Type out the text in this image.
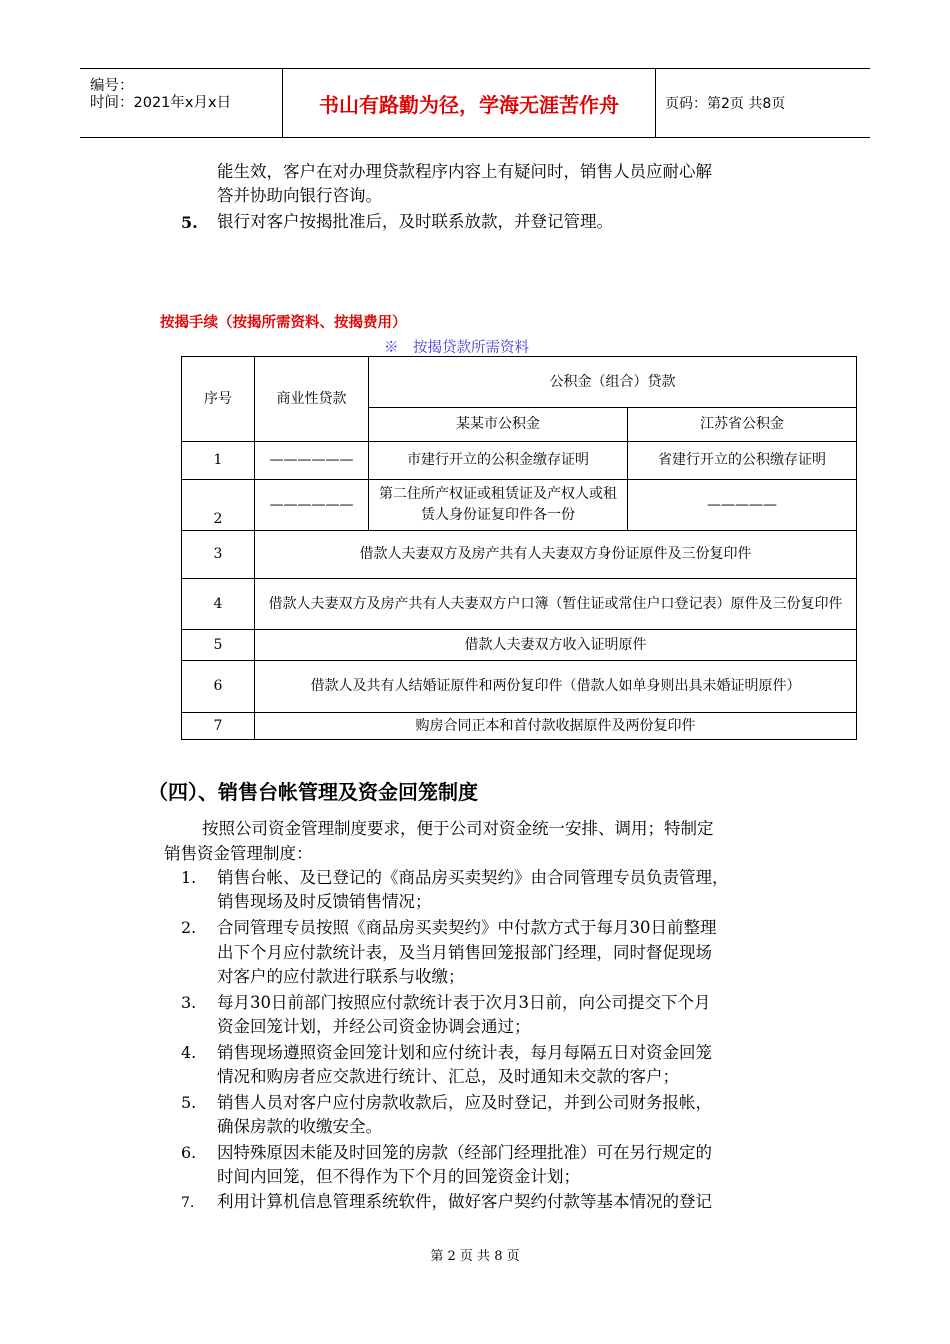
编号：
时间：2021年x月x日	书山有路勤为径，学海无涯苦作舟	页码：第2页 共8页
能生效，客户在对办理贷款程序内容上有疑问时，销售人员应耐心解
答并协助向银行咨询。
5. 银行对客户按揭批准后，及时联系放款，并登记管理。
按揭手续（按揭所需资料、按揭费用）
※　按揭贷款所需资料
序号	商业性贷款	公积金（组合）贷款	
		某某市公积金	江苏省公积金
1	——————	市建行开立的公积金缴存证明	省建行开立的公积缴存证明
2	——————	第二住所产权证或租赁证及产权人或租赁人身份证复印件各一份	—————
3	借款人夫妻双方及房产共有人夫妻双方身份证原件及三份复印件		
4	借款人夫妻双方及房产共有人夫妻双方户口簿（暂住证或常住户口登记表）原件及三份复印件		
5	借款人夫妻双方收入证明原件		
6	借款人及共有人结婚证原件和两份复印件（借款人如单身则出具未婚证明原件）		
7	购房合同正本和首付款收据原件及两份复印件		
（四）、销售台帐管理及资金回笼制度
按照公司资金管理制度要求，便于公司对资金统一安排、调用；特制定
销售资金管理制度：
1. 销售台帐、及已登记的《商品房买卖契约》由合同管理专员负责管理，
销售现场及时反馈销售情况；
2. 合同管理专员按照《商品房买卖契约》中付款方式于每月30日前整理
出下个月应付款统计表，及当月销售回笼报部门经理，同时督促现场
对客户的应付款进行联系与收缴；
3. 每月30日前部门按照应付款统计表于次月3日前，向公司提交下个月
资金回笼计划，并经公司资金协调会通过；
4. 销售现场遵照资金回笼计划和应付统计表，每月每隔五日对资金回笼
情况和购房者应交款进行统计、汇总，及时通知未交款的客户；
5. 销售人员对客户应付房款收款后，应及时登记，并到公司财务报帐，
确保房款的收缴安全。
6. 因特殊原因未能及时回笼的房款（经部门经理批准）可在另行规定的
时间内回笼，但不得作为下个月的回笼资金计划；
7. 利用计算机信息管理系统软件，做好客户契约付款等基本情况的登记
第 2 页 共 8 页
